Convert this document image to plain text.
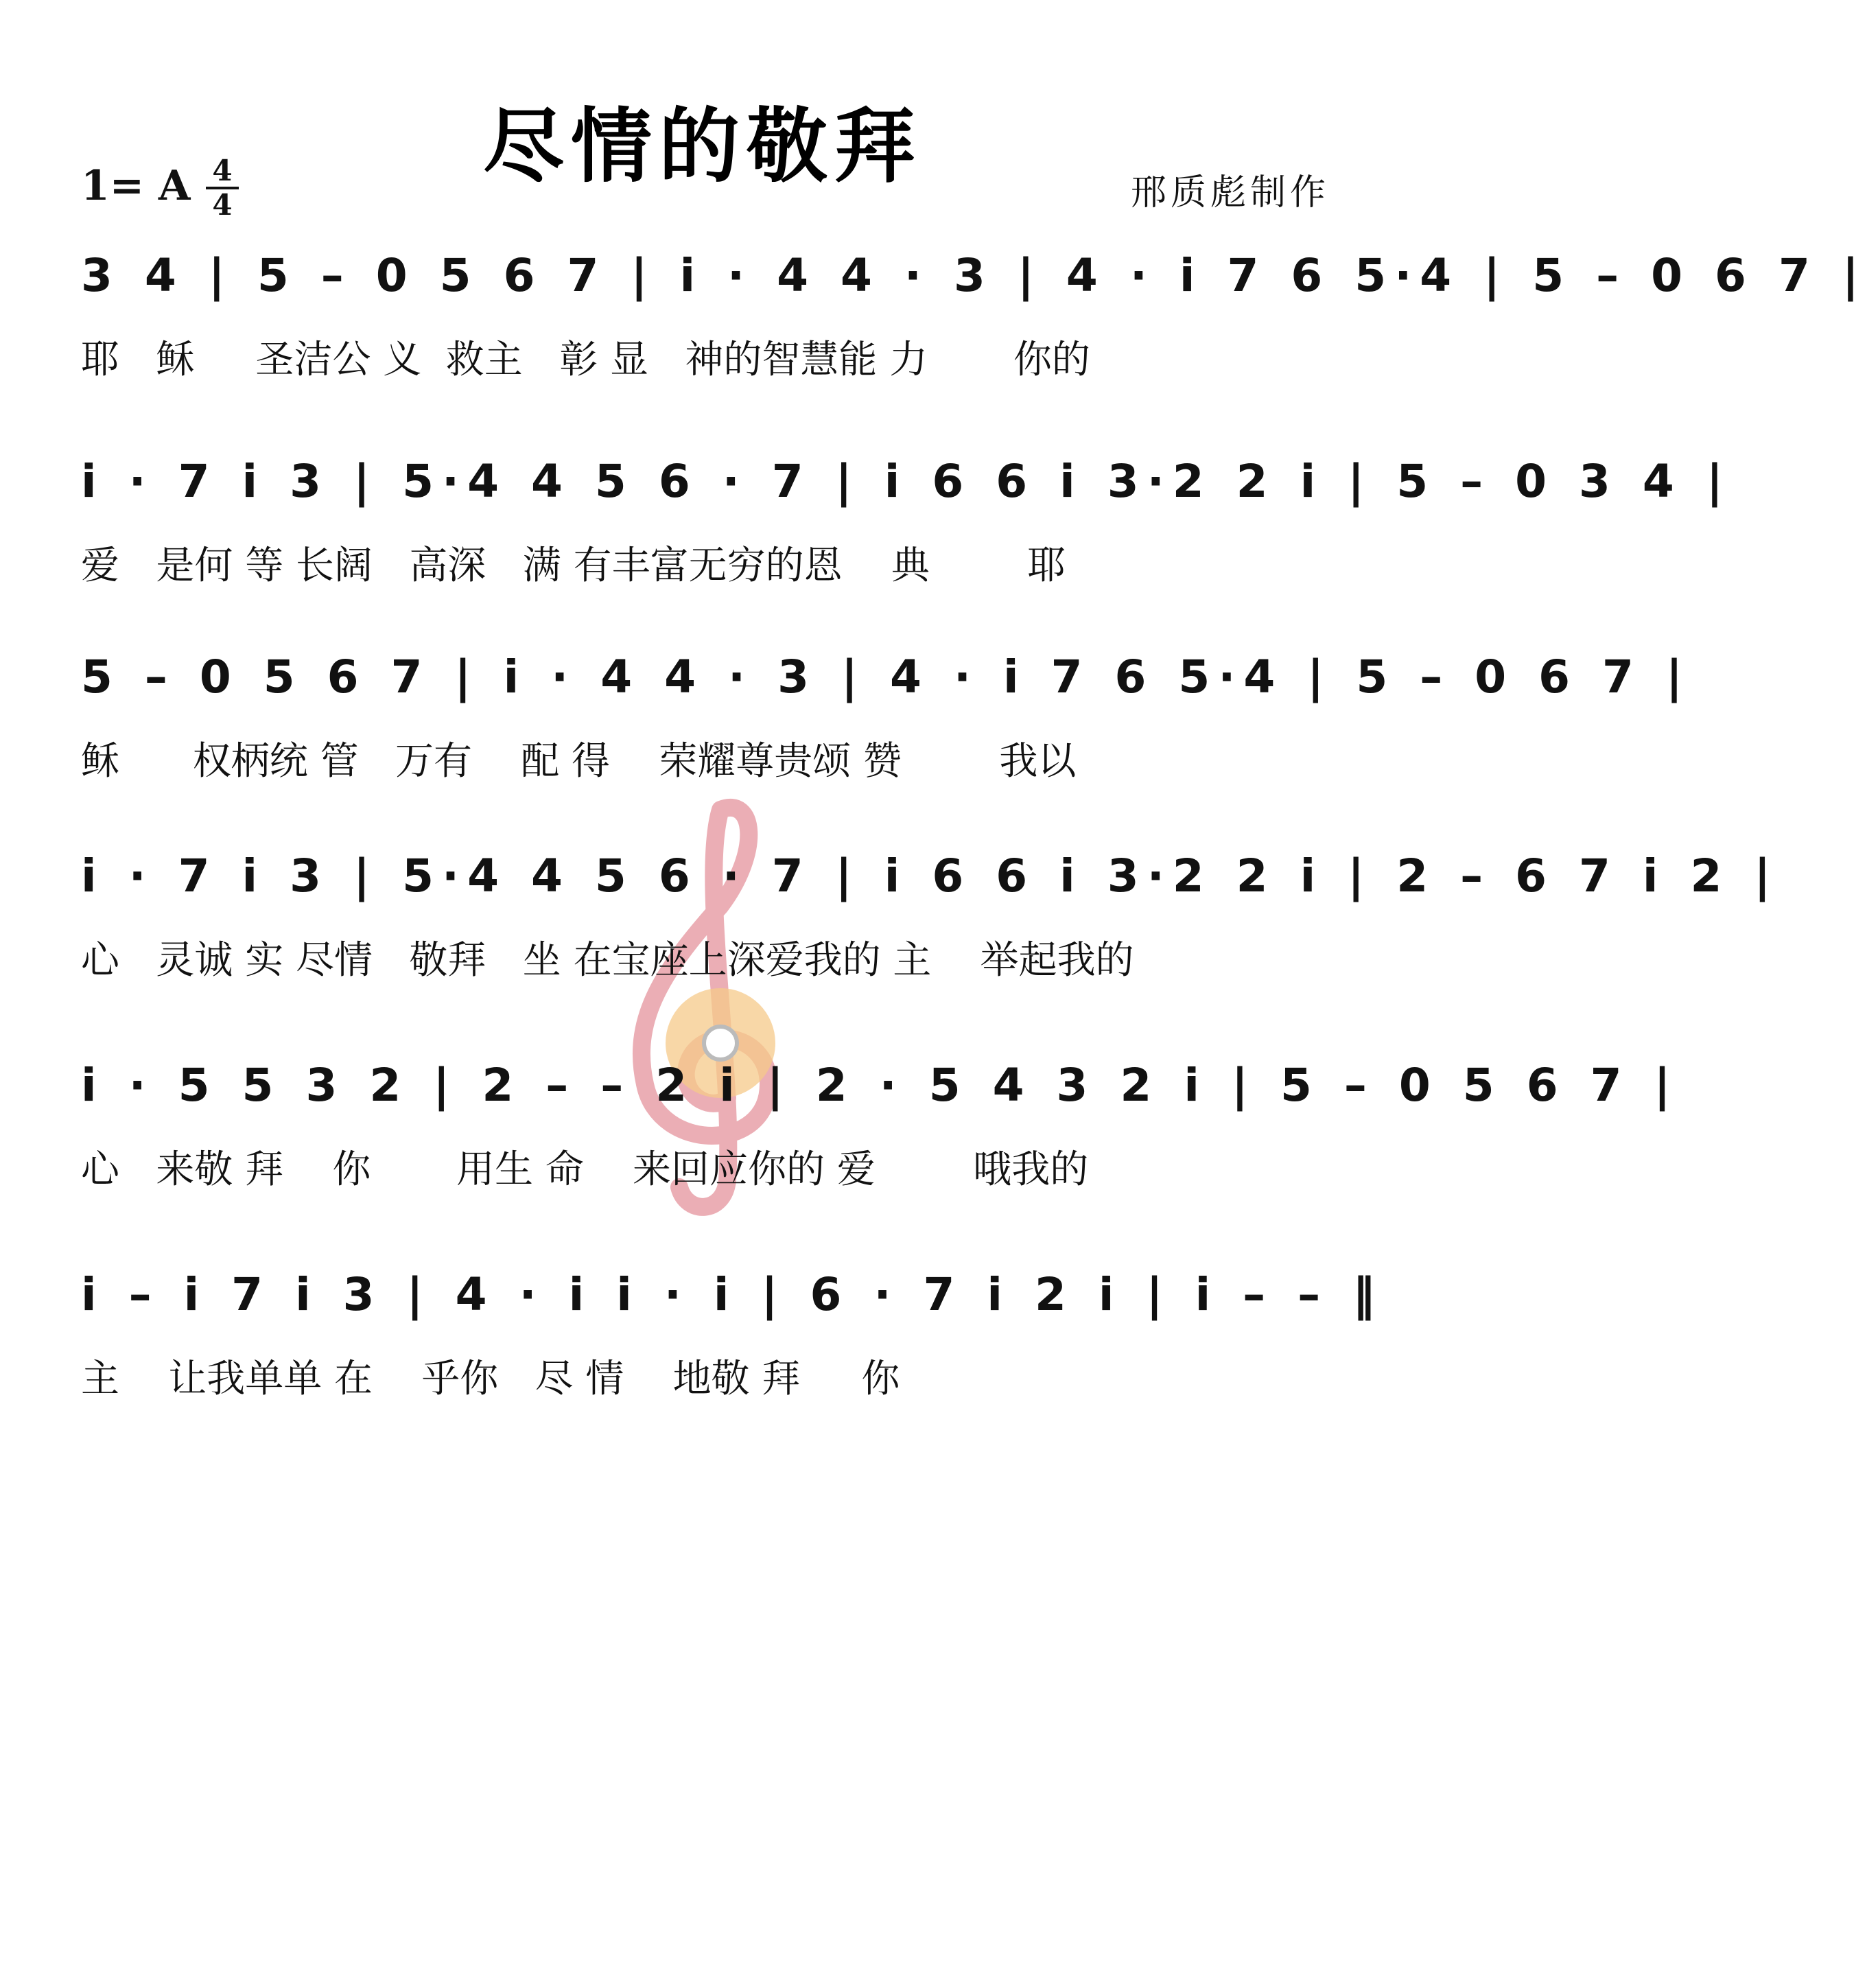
尽情的敬拜
1= A 4
4	邢质彪制作
3 4 | 5 – 0 5 6 7 | i · 4 4 · 3 | 4 · i 7 6 5·4 | 5 – 0 6 7 |
耶   稣     圣洁公 义  救主   彰 显   神的智慧能 力       你的
i · 7 i 3 | 5·4 4 5 6 · 7 | i 6 6 i 3·2 2 i | 5 – 0 3 4 |
爱   是何 等 长阔   高深   满 有丰富无穷的恩    典        耶
5 – 0 5 6 7 | i · 4 4 · 3 | 4 · i 7 6 5·4 | 5 – 0 6 7 |
稣      权柄统 管   万有    配 得    荣耀尊贵颂 赞        我以
i · 7 i 3 | 5·4 4 5 6 · 7 | i 6 6 i 3·2 2 i | 2 – 6 7 i 2 |
心   灵诚 实 尽情   敬拜   坐 在宝座上深爱我的 主    举起我的
i · 5 5 3 2 | 2 – – 2 i | 2 · 5 4 3 2 i | 5 – 0 5 6 7 |
心   来敬 拜    你       用生 命    来回应你的 爱        哦我的
i – i 7 i 3 | 4 · i i · i | 6 · 7 i 2 i | i – – ‖
主    让我单单 在    乎你   尽 情    地敬 拜     你
